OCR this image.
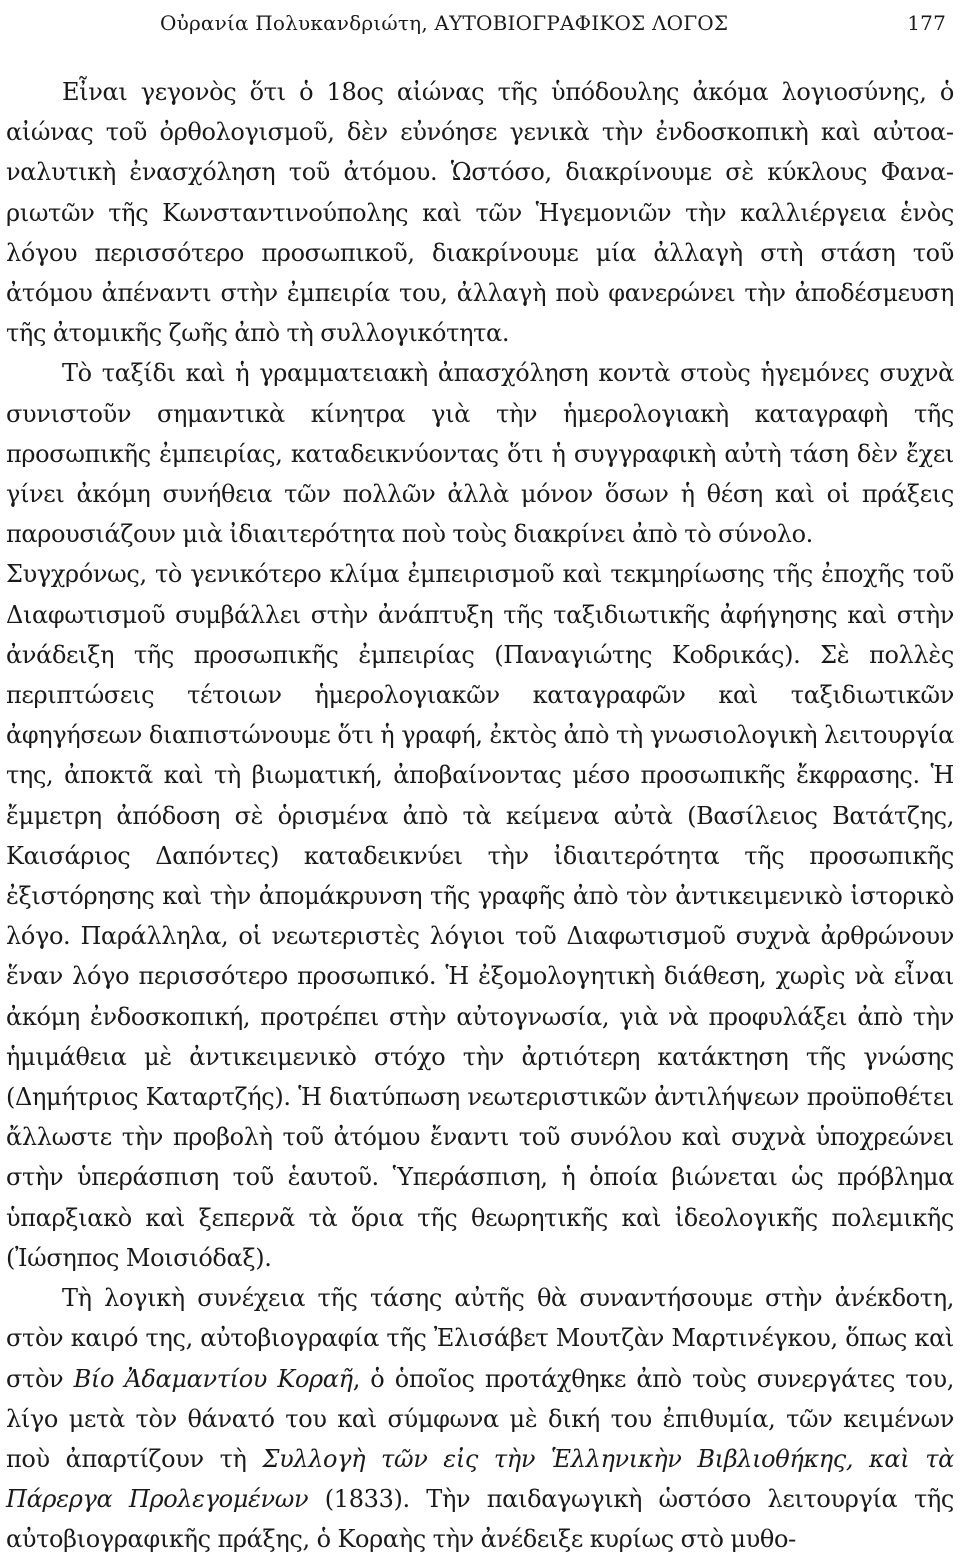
Οὐρανία Πολυκανδριώτη, ΑΥΤΟΒΙΟΓΡΑΦΙΚΟΣ ΛΟΓΟΣ	177

Εἶναι γεγονὸς ὅτι ὁ 18ος αἰώνας τῆς ὑπόδουλης ἀκόμα λογιοσύνης, ὁ αἰώνας τοῦ ὀρθολογισμοῦ, δὲν εὐνόησε γενικὰ τὴν ἐνδοσκοπικὴ καὶ αὐτοαναλυτικὴ ἐνασχόληση τοῦ ἀτόμου. Ὡστόσο, διακρίνουμε σὲ κύκλους Φαναριωτῶν τῆς Κωνσταντινούπολης καὶ τῶν Ἡγεμονιῶν τὴν καλλιέργεια ἑνὸς λόγου περισσότερο προσωπικοῦ, διακρίνουμε μία ἀλλαγὴ στὴ στάση τοῦ ἀτόμου ἀπέναντι στὴν ἐμπειρία του, ἀλλαγὴ ποὺ φανερώνει τὴν ἀποδέσμευση τῆς ἀτομικῆς ζωῆς ἀπὸ τὴ συλλογικότητα.

Τὸ ταξίδι καὶ ἡ γραμματειακὴ ἀπασχόληση κοντὰ στοὺς ἡγεμόνες συχνὰ συνιστοῦν σημαντικὰ κίνητρα γιὰ τὴν ἡμερολογιακὴ καταγραφὴ τῆς προσωπικῆς ἐμπειρίας, καταδεικνύοντας ὅτι ἡ συγγραφικὴ αὐτὴ τάση δὲν ἔχει γίνει ἀκόμη συνήθεια τῶν πολλῶν ἀλλὰ μόνον ὅσων ἡ θέση καὶ οἱ πράξεις παρουσιάζουν μιὰ ἰδιαιτερότητα ποὺ τοὺς διακρίνει ἀπὸ τὸ σύνολο.

Συγχρόνως, τὸ γενικότερο κλίμα ἐμπειρισμοῦ καὶ τεκμηρίωσης τῆς ἐποχῆς τοῦ Διαφωτισμοῦ συμβάλλει στὴν ἀνάπτυξη τῆς ταξιδιωτικῆς ἀφήγησης καὶ στὴν ἀνάδειξη τῆς προσωπικῆς ἐμπειρίας (Παναγιώτης Κοδρικάς). Σὲ πολλὲς περιπτώσεις τέτοιων ἡμερολογιακῶν καταγραφῶν καὶ ταξιδιωτικῶν ἀφηγήσεων διαπιστώνουμε ὅτι ἡ γραφή, ἐκτὸς ἀπὸ τὴ γνωσιολογικὴ λειτουργία της, ἀποκτᾶ καὶ τὴ βιωματική, ἀποβαίνοντας μέσο προσωπικῆς ἔκφρασης. Ἡ ἔμμετρη ἀπόδοση σὲ ὁρισμένα ἀπὸ τὰ κείμενα αὐτὰ (Βασίλειος Βατάτζης, Καισάριος Δαπόντες) καταδεικνύει τὴν ἰδιαιτερότητα τῆς προσωπικῆς ἐξιστόρησης καὶ τὴν ἀπομάκρυνση τῆς γραφῆς ἀπὸ τὸν ἀντικειμενικὸ ἱστορικὸ λόγο. Παράλληλα, οἱ νεωτεριστὲς λόγιοι τοῦ Διαφωτισμοῦ συχνὰ ἀρθρώνουν ἕναν λόγο περισσότερο προσωπικό. Ἡ ἐξομολογητικὴ διάθεση, χωρὶς νὰ εἶναι ἀκόμη ἐνδοσκοπική, προτρέπει στὴν αὐτογνωσία, γιὰ νὰ προφυλάξει ἀπὸ τὴν ἡμιμάθεια μὲ ἀντικειμενικὸ στόχο τὴν ἀρτιότερη κατάκτηση τῆς γνώσης (Δημήτριος Καταρτζής). Ἡ διατύπωση νεωτεριστικῶν ἀντιλήψεων προϋποθέτει ἄλλωστε τὴν προβολὴ τοῦ ἀτόμου ἔναντι τοῦ συνόλου καὶ συχνὰ ὑποχρεώνει στὴν ὑπεράσπιση τοῦ ἑαυτοῦ. Ὑπεράσπιση, ἡ ὁποία βιώνεται ὡς πρόβλημα ὑπαρξιακὸ καὶ ξεπερνᾶ τὰ ὅρια τῆς θεωρητικῆς καὶ ἰδεολογικῆς πολεμικῆς (Ἰώσηπος Μοισιόδαξ).

Τὴ λογικὴ συνέχεια τῆς τάσης αὐτῆς θὰ συναντήσουμε στὴν ἀνέκδοτη, στὸν καιρό της, αὐτοβιογραφία τῆς Ἐλισάβετ Μουτζὰν Μαρτινέγκου, ὅπως καὶ στὸν Βίο Ἀδαμαντίου Κοραῆ, ὁ ὁποῖος προτάχθηκε ἀπὸ τοὺς συνεργάτες του, λίγο μετὰ τὸν θάνατό του καὶ σύμφωνα μὲ δική του ἐπιθυμία, τῶν κειμένων ποὺ ἀπαρτίζουν τὴ Συλλογὴ τῶν εἰς τὴν Ἑλληνικὴν Βιβλιοθήκης, καὶ τὰ Πάρεργα Προλεγομένων (1833). Τὴν παιδαγωγικὴ ὡστόσο λειτουργία τῆς αὐτοβιογραφικῆς πράξης, ὁ Κοραὴς τὴν ἀνέδειξε κυρίως στὸ μυθο-
